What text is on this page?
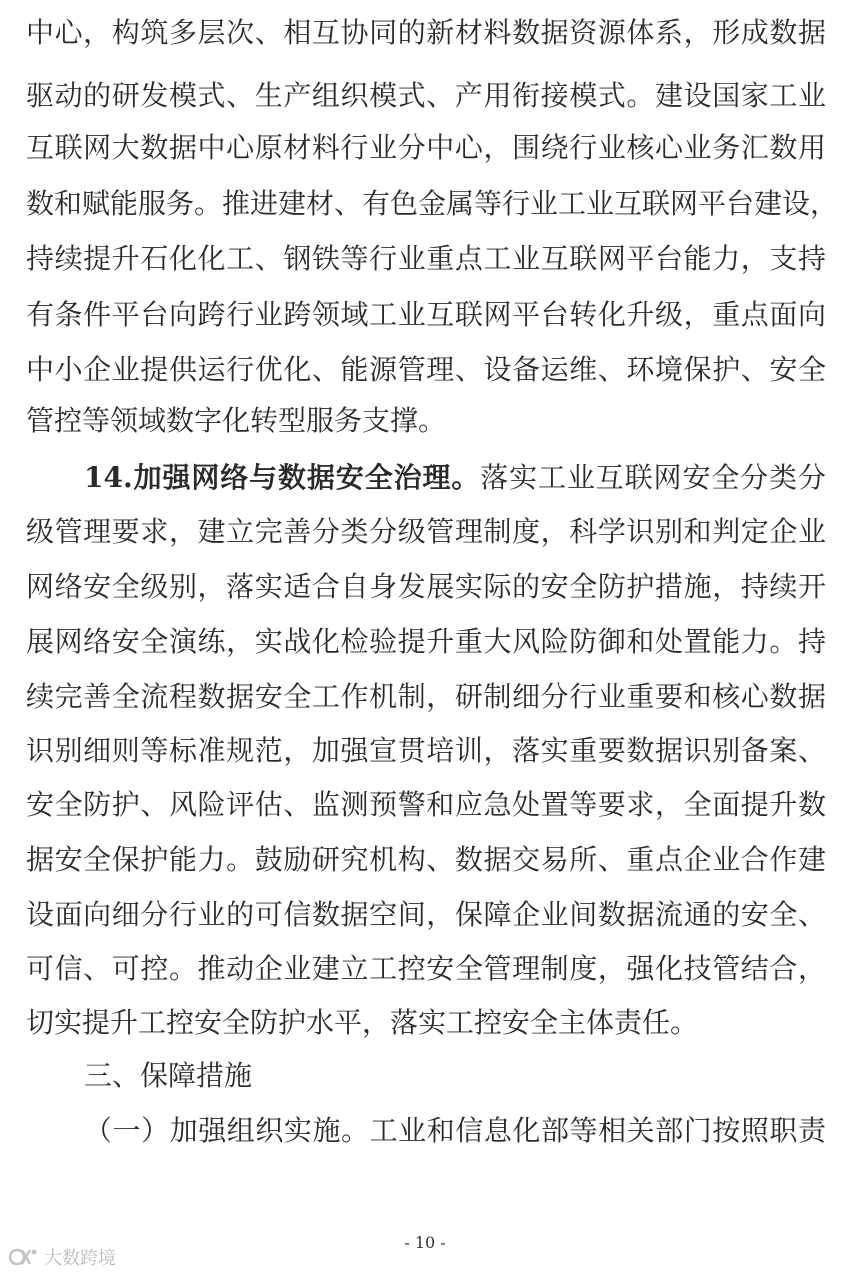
中心，构筑多层次、相互协同的新材料数据资源体系，形成数据
驱动的研发模式、生产组织模式、产用衔接模式。建设国家工业
互联网大数据中心原材料行业分中心，围绕行业核心业务汇数用
数和赋能服务。推进建材、有色金属等行业工业互联网平台建设，
持续提升石化化工、钢铁等行业重点工业互联网平台能力，支持
有条件平台向跨行业跨领域工业互联网平台转化升级，重点面向
中小企业提供运行优化、能源管理、设备运维、环境保护、安全
管控等领域数字化转型服务支撑。
14.加强网络与数据安全治理。落实工业互联网安全分类分
级管理要求，建立完善分类分级管理制度，科学识别和判定企业
网络安全级别，落实适合自身发展实际的安全防护措施，持续开
展网络安全演练，实战化检验提升重大风险防御和处置能力。持
续完善全流程数据安全工作机制，研制细分行业重要和核心数据
识别细则等标准规范，加强宣贯培训，落实重要数据识别备案、
安全防护、风险评估、监测预警和应急处置等要求，全面提升数
据安全保护能力。鼓励研究机构、数据交易所、重点企业合作建
设面向细分行业的可信数据空间，保障企业间数据流通的安全、
可信、可控。推动企业建立工控安全管理制度，强化技管结合，
切实提升工控安全防护水平，落实工控安全主体责任。
三、保障措施
（一）加强组织实施。工业和信息化部等相关部门按照职责
- 10 -
大数跨境
